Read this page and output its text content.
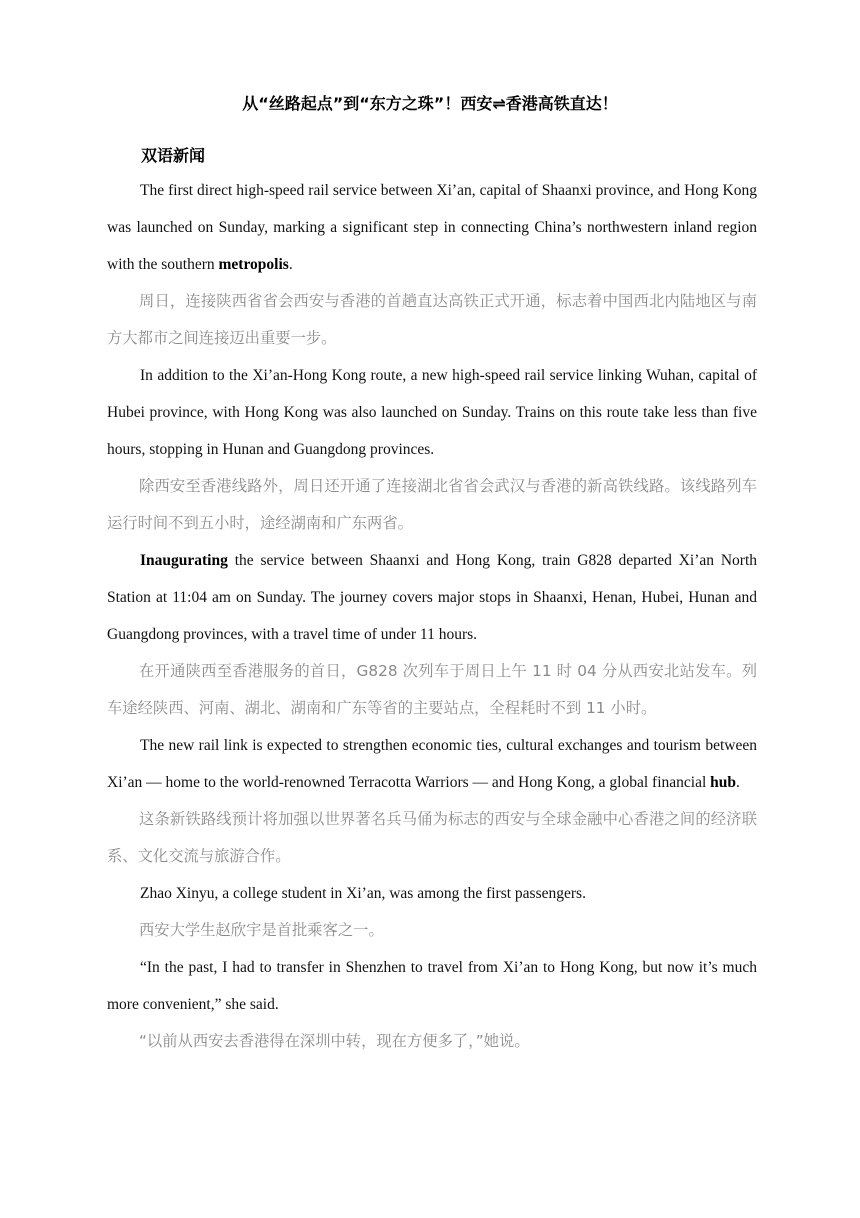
从“丝路起点”到“东方之珠”！西安⇌香港高铁直达！
双语新闻

The first direct high-speed rail service between Xi’an, capital of Shaanxi province, and Hong Kong was launched on Sunday, marking a significant step in connecting China’s northwestern inland region with the southern metropolis.

周日，连接陕西省省会西安与香港的首趟直达高铁正式开通，标志着中国西北内陆地区与南方大都市之间连接迈出重要一步。

In addition to the Xi’an-Hong Kong route, a new high-speed rail service linking Wuhan, capital of Hubei province, with Hong Kong was also launched on Sunday. Trains on this route take less than five hours, stopping in Hunan and Guangdong provinces.

除西安至香港线路外，周日还开通了连接湖北省省会武汉与香港的新高铁线路。该线路列车运行时间不到五小时，途经湖南和广东两省。

Inaugurating the service between Shaanxi and Hong Kong, train G828 departed Xi’an North Station at 11:04 am on Sunday. The journey covers major stops in Shaanxi, Henan, Hubei, Hunan and Guangdong provinces, with a travel time of under 11 hours.

在开通陕西至香港服务的首日，G828 次列车于周日上午 11 时 04 分从西安北站发车。列车途经陕西、河南、湖北、湖南和广东等省的主要站点，全程耗时不到 11 小时。

The new rail link is expected to strengthen economic ties, cultural exchanges and tourism between Xi’an — home to the world-renowned Terracotta Warriors — and Hong Kong, a global financial hub.

这条新铁路线预计将加强以世界著名兵马俑为标志的西安与全球金融中心香港之间的经济联系、文化交流与旅游合作。

Zhao Xinyu, a college student in Xi’an, was among the first passengers.

西安大学生赵欣宇是首批乘客之一。

“In the past, I had to transfer in Shenzhen to travel from Xi’an to Hong Kong, but now it’s much more convenient,” she said.

“以前从西安去香港得在深圳中转，现在方便多了，”她说。
